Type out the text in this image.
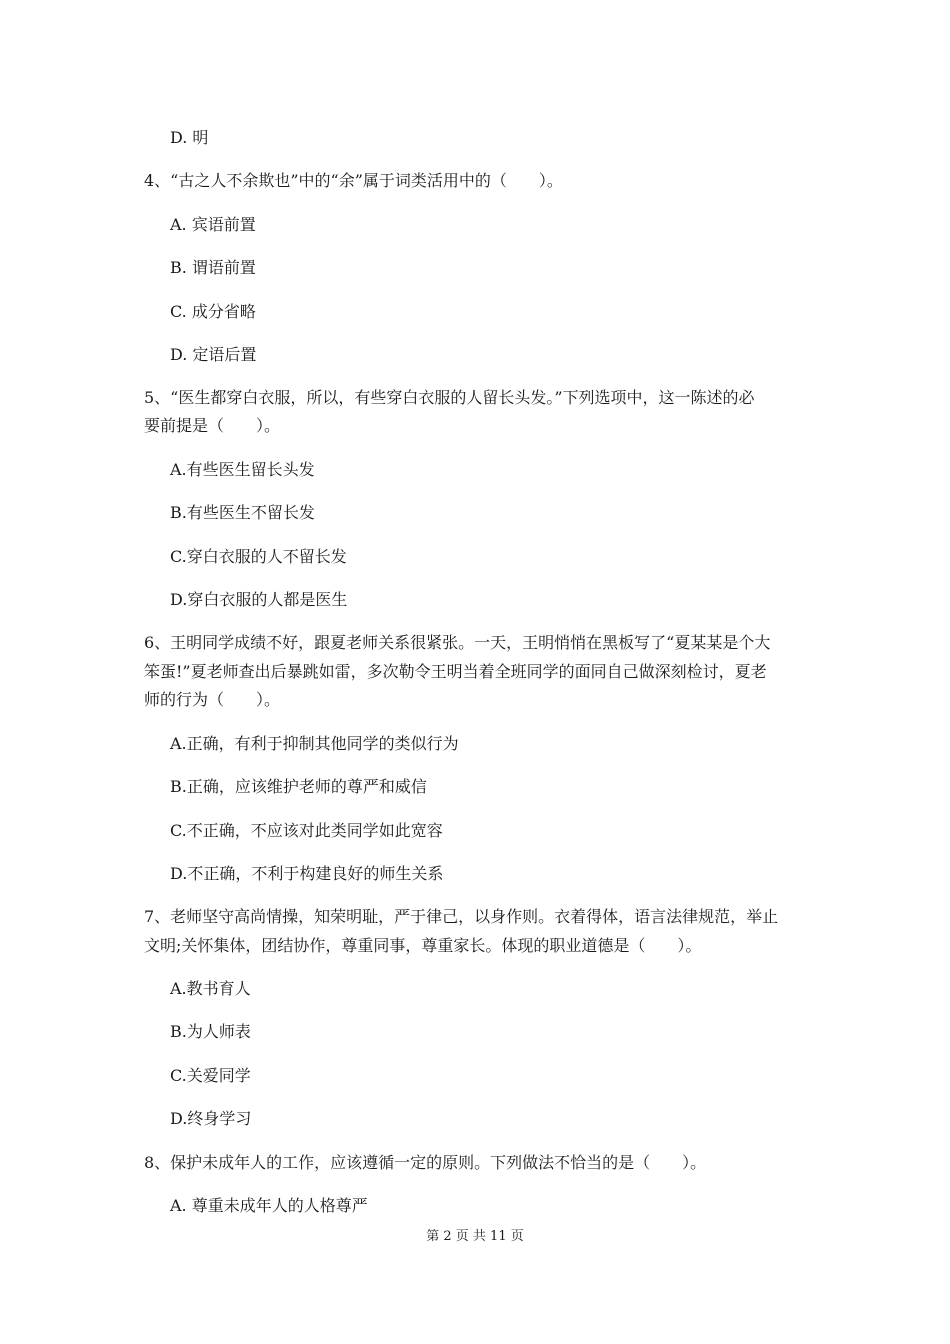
D. 明
4、“古之人不余欺也”中的“余”属于词类活用中的（　　）。
A. 宾语前置
B. 谓语前置
C. 成分省略
D. 定语后置
5、“医生都穿白衣服，所以，有些穿白衣服的人留长头发。”下列选项中，这一陈述的必
要前提是（　　）。
A.有些医生留长头发
B.有些医生不留长发
C.穿白衣服的人不留长发
D.穿白衣服的人都是医生
6、王明同学成绩不好，跟夏老师关系很紧张。一天，王明悄悄在黑板写了“夏某某是个大
笨蛋!”夏老师查出后暴跳如雷，多次勒令王明当着全班同学的面同自己做深刻检讨，夏老
师的行为（　　）。
A.正确，有利于抑制其他同学的类似行为
B.正确，应该维护老师的尊严和威信
C.不正确，不应该对此类同学如此宽容
D.不正确，不利于构建良好的师生关系
7、老师坚守高尚情操，知荣明耻，严于律己，以身作则。衣着得体，语言法律规范，举止
文明;关怀集体，团结协作，尊重同事，尊重家长。体现的职业道德是（　　）。
A.教书育人
B.为人师表
C.关爱同学
D.终身学习
8、保护未成年人的工作，应该遵循一定的原则。下列做法不恰当的是（　　）。
A. 尊重未成年人的人格尊严
第 2 页 共 11 页
